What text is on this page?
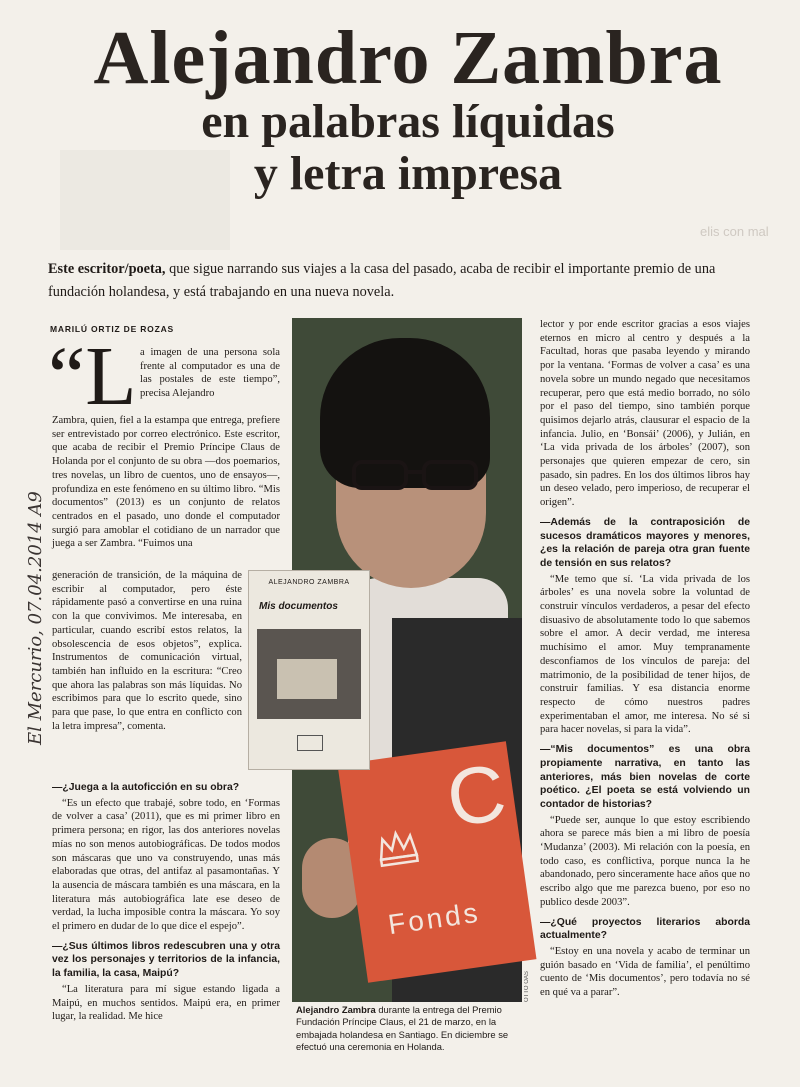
elis con mal
El Mercurio, 07.04.2014 A9
Alejandro Zambra
en palabras líquidas
y letra impresa
Este escritor/poeta, que sigue narrando sus viajes a la casa del pasado, acaba de recibir el importante premio de una fundación holandesa, y está trabajando en una nueva novela.
MARILÚ ORTIZ DE ROZAS
“L a imagen de una persona sola frente al computador es una de las postales de este tiempo”, precisa Alejandro

Zambra, quien, fiel a la estampa que entrega, prefiere ser entrevistado por correo electrónico. Este escritor, que acaba de recibir el Premio Príncipe Claus de Holanda por el conjunto de su obra —dos poemarios, tres novelas, un libro de cuentos, uno de ensayos—, profundiza en este fenómeno en su último libro. “Mis documentos” (2013) es un conjunto de relatos centrados en el pasado, uno donde el computador surgió para amoblar el cotidiano de un narrador que juega a ser Zambra. “Fuimos una

generación de transición, de la máquina de escribir al computador, pero éste rápidamente pasó a convertirse en una ruina con la que convivimos. Me interesaba, en particular, cuando escribí estos relatos, la obsolescencia de esos objetos”, explica. Instrumentos de comunicación virtual, también han influido en la escritura: “Creo que ahora las palabras son más líquidas. No escribimos para que lo escrito quede, sino para que pase, lo que entra en conflicto con la letra impresa”, comenta.

—¿Juega a la autoficción en su obra?

“Es un efecto que trabajé, sobre todo, en ‘Formas de volver a casa’ (2011), que es mi primer libro en primera persona; en rigor, las dos anteriores novelas mías no son menos autobiográficas. De todos modos son máscaras que uno va construyendo, unas más elaboradas que otras, del antifaz al pasamontañas. Y la ausencia de máscara también es una máscara, en la literatura más autobiográfica late ese deseo de verdad, la lucha imposible contra la máscara. Yo soy el primero en dudar de lo que dice el espejo”.

—¿Sus últimos libros redescubren una y otra vez los personajes y territorios de la infancia, la familia, la casa, Maipú?

“La literatura para mí sigue estando ligada a Maipú, en muchos sentidos. Maipú era, en primer lugar, la realidad. Me hice

C
Fonds
ALEJANDRO ZAMBRA
Mis documentos
OTTO OAS
Alejandro Zambra durante la entrega del Premio Fundación Príncipe Claus, el 21 de marzo, en la embajada holandesa en Santiago. En diciembre se efectuó una ceremonia en Holanda.

lector y por ende escritor gracias a esos viajes eternos en micro al centro y después a la Facultad, horas que pasaba leyendo y mirando por la ventana. ‘Formas de volver a casa’ es una novela sobre un mundo negado que necesitamos recuperar, pero que está medio borrado, no sólo por el paso del tiempo, sino también porque quisimos dejarlo atrás, clausurar el espacio de la infancia. Julio, en ‘Bonsái’ (2006), y Julián, en ‘La vida privada de los árboles’ (2007), son personajes que quieren empezar de cero, sin pasado, sin padres. En los dos últimos libros hay un deseo velado, pero imperioso, de recuperar el origen”.

—Además de la contraposición de sucesos dramáticos mayores y menores, ¿es la relación de pareja otra gran fuente de tensión en sus relatos?

“Me temo que sí. ‘La vida privada de los árboles’ es una novela sobre la voluntad de construir vínculos verdaderos, a pesar del efecto disuasivo de absolutamente todo lo que sabemos sobre el amor. A decir verdad, me interesa muchísimo el amor. Muy tempranamente desconfiamos de los vínculos de pareja: del matrimonio, de la posibilidad de tener hijos, de construir familias. Y esa distancia enorme respecto de cómo nuestros padres experimentaban el amor, me interesa. No sé si para hacer novelas, si para la vida”.

—“Mis documentos” es una obra propiamente narrativa, en tanto las anteriores, más bien novelas de corte poético. ¿El poeta se está volviendo un contador de historias?

“Puede ser, aunque lo que estoy escribiendo ahora se parece más bien a mi libro de poesía ‘Mudanza’ (2003). Mi relación con la poesía, en todo caso, es conflictiva, porque nunca la he abandonado, pero sinceramente hace años que no escribo algo que me parezca bueno, por eso no publico desde 2003”.

—¿Qué proyectos literarios aborda actualmente?

“Estoy en una novela y acabo de terminar un guión basado en ‘Vida de familia’, el penúltimo cuento de ‘Mis documentos’, pero todavía no sé en qué va a parar”.
